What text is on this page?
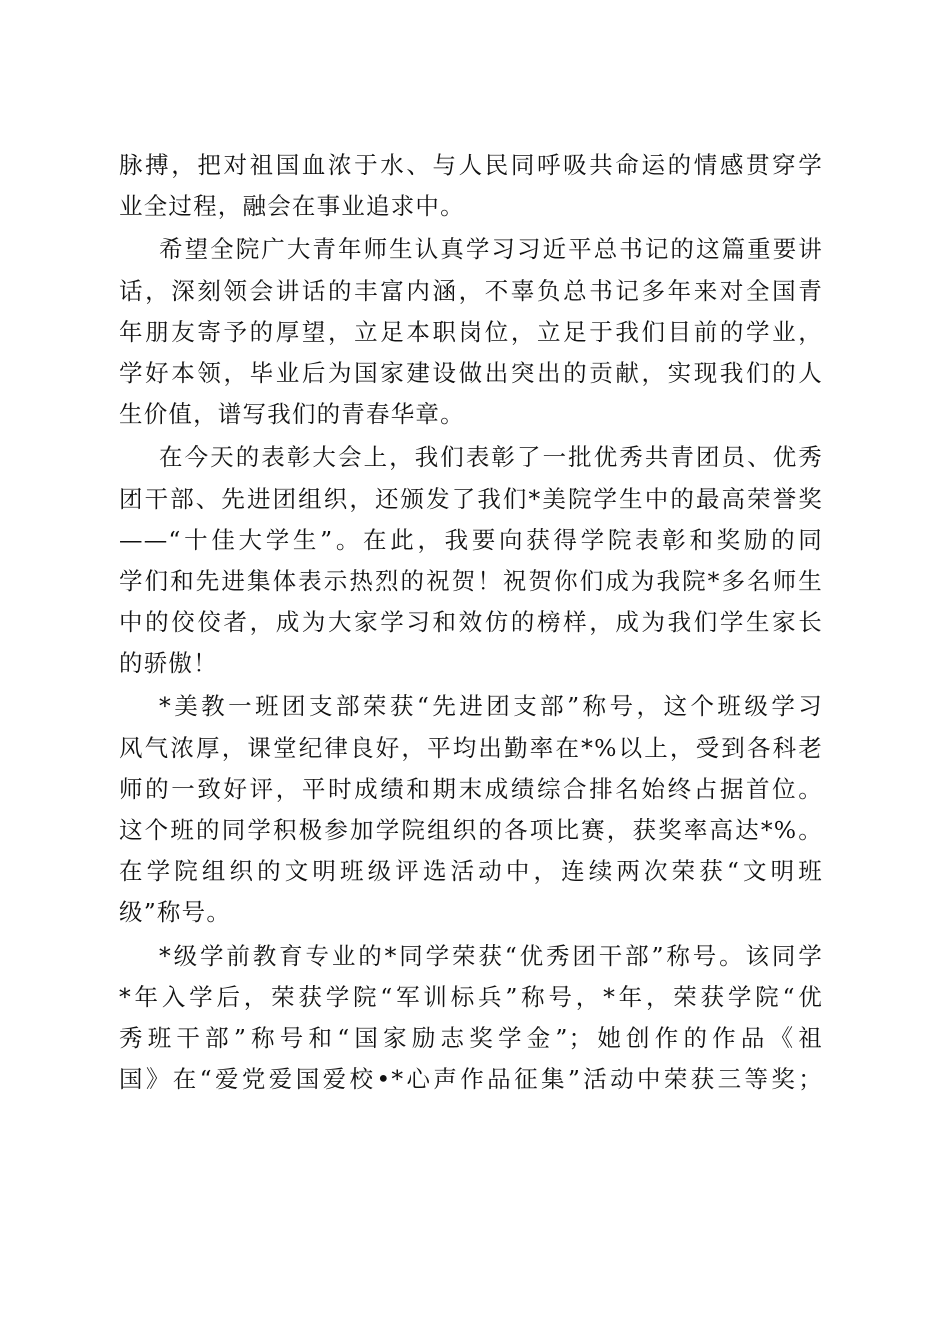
脉搏，把对祖国血浓于水、与人民同呼吸共命运的情感贯穿学
业全过程，融会在事业追求中。
希望全院广大青年师生认真学习习近平总书记的这篇重要讲
话，深刻领会讲话的丰富内涵，不辜负总书记多年来对全国青
年朋友寄予的厚望，立足本职岗位，立足于我们目前的学业，
学好本领，毕业后为国家建设做出突出的贡献，实现我们的人
生价值，谱写我们的青春华章。
在今天的表彰大会上，我们表彰了一批优秀共青团员、优秀
团干部、先进团组织，还颁发了我们*美院学生中的最高荣誉奖
——“十佳大学生”。在此，我要向获得学院表彰和奖励的同
学们和先进集体表示热烈的祝贺！祝贺你们成为我院*多名师生
中的佼佼者，成为大家学习和效仿的榜样，成为我们学生家长
的骄傲！
*美教一班团支部荣获“先进团支部”称号，这个班级学习
风气浓厚，课堂纪律良好，平均出勤率在*%以上，受到各科老
师的一致好评，平时成绩和期末成绩综合排名始终占据首位。
这个班的同学积极参加学院组织的各项比赛，获奖率高达*%。
在学院组织的文明班级评选活动中，连续两次荣获“文明班
级”称号。
*级学前教育专业的*同学荣获“优秀团干部”称号。该同学
*年入学后，荣获学院“军训标兵”称号，*年，荣获学院“优
秀班干部”称号和“国家励志奖学金”；她创作的作品《祖
国》在“爱党爱国爱校•*心声作品征集”活动中荣获三等奖；
